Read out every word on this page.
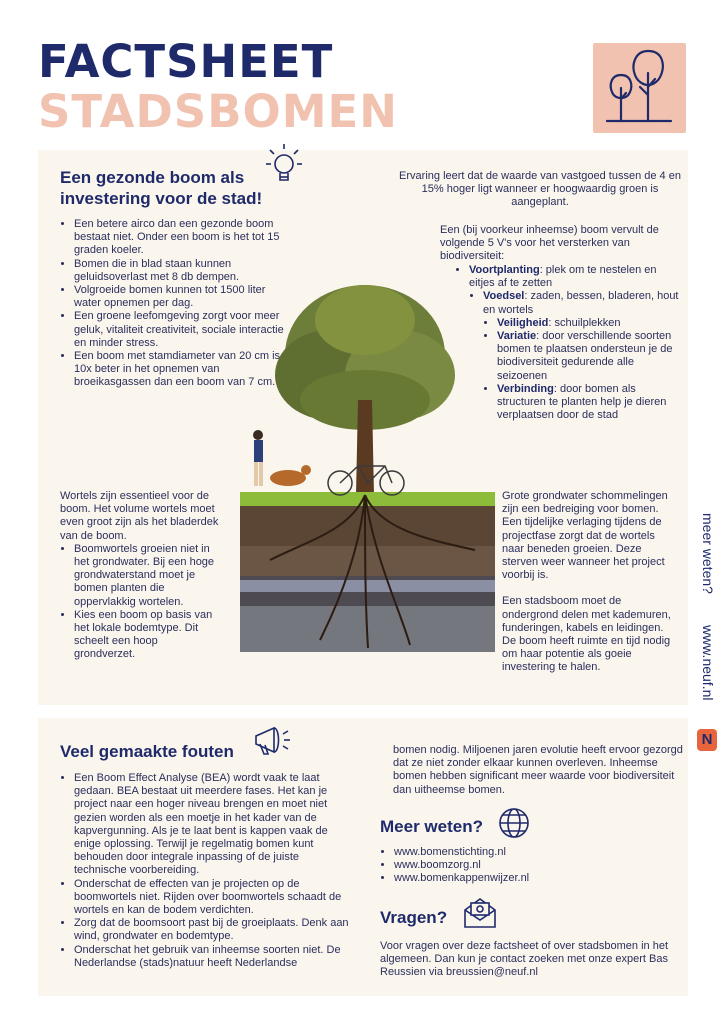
FACTSHEET
STADSBOMEN
Een gezonde boom als investering voor de stad!
• Een betere airco dan een gezonde boom bestaat niet. Onder een boom is het tot 15 graden koeler.
• Bomen die in blad staan kunnen geluidsoverlast met 8 db dempen.
• Volgroeide bomen kunnen tot 1500 liter water opnemen per dag.
• Een groene leefomgeving zorgt voor meer geluk, vitaliteit creativiteit, sociale interactie en minder stress.
• Een boom met stamdiameter van 20 cm is 10x beter in het opnemen van broeikasgassen dan een boom van 7 cm.
Ervaring leert dat de waarde van vastgoed tussen de 4 en 15% hoger ligt wanneer er hoogwaardig groen is aangeplant.
Een (bij voorkeur inheemse) boom vervult de volgende 5 V's voor het versterken van biodiversiteit:
• Voortplanting: plek om te nestelen en eitjes af te zetten
• Voedsel: zaden, bessen, bladeren, hout en wortels
• Veiligheid: schuilplekken
• Variatie: door verschillende soorten bomen te plaatsen ondersteun je de biodiversiteit gedurende alle seizoenen
• Verbinding: door bomen als structuren te planten help je dieren verplaatsen door de stad
Wortels zijn essentieel voor de boom. Het volume wortels moet even groot zijn als het bladerdek van de boom.
• Boomwortels groeien niet in het grondwater. Bij een hoge grondwaterstand moet je bomen planten die oppervlakkig wortelen.
• Kies een boom op basis van het lokale bodemtype. Dit scheelt een hoop grondverzet.
Grote grondwater schommelingen zijn een bedreiging voor bomen. Een tijdelijke verlaging tijdens de projectfase zorgt dat de wortels naar beneden groeien. Deze sterven weer wanneer het project voorbij is.
Een stadsboom moet de ondergrond delen met kademuren, funderingen, kabels en leidingen. De boom heeft ruimte en tijd nodig om haar potentie als goeie investering te halen.
Veel gemaakte fouten
• Een Boom Effect Analyse (BEA) wordt vaak te laat gedaan. BEA bestaat uit meerdere fases. Het kan je project naar een hoger niveau brengen en moet niet gezien worden als een moetje in het kader van de kapvergunning. Als je te laat bent is kappen vaak de enige oplossing. Terwijl je regelmatig bomen kunt behouden door integrale inpassing of de juiste technische voorbereiding.
• Onderschat de effecten van je projecten op de boomwortels niet. Rijden over boomwortels schaadt de wortels en kan de bodem verdichten.
• Zorg dat de boomsoort past bij de groeiplaats. Denk aan wind, grondwater en bodemtype.
• Onderschat het gebruik van inheemse soorten niet. De Nederlandse (stads)natuur heeft Nederlandse
bomen nodig. Miljoenen jaren evolutie heeft ervoor gezorgd dat ze niet zonder elkaar kunnen overleven. Inheemse bomen hebben significant meer waarde voor biodiversiteit dan uitheemse bomen.
Meer weten?
• www.bomenstichting.nl
• www.boomzorg.nl
• www.bomenkappenwijzer.nl
Vragen?
Voor vragen over deze factsheet of over stadsbomen in het algemeen. Dan kun je contact zoeken met onze expert Bas Reussien via breussien@neuf.nl
meer weten?
www.neuf.nl
N
